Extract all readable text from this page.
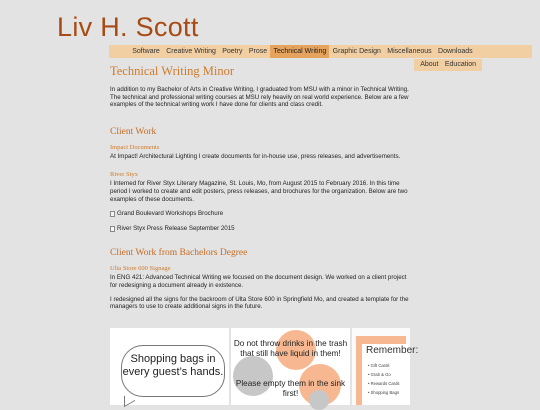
Liv H. Scott
Software Creative Writing Poetry Prose Technical Writing Graphic Design Miscellaneous Downloads
About Education
Technical Writing Minor

In addition to my Bachelor of Arts in Creative Writing, I graduated from MSU with a minor in Technical Writing. The technical and professional writing courses at MSU rely heavily on real world experience. Below are a few examples of the technical writing work I have done for clients and class credit.

Client Work
Impact Documents

At Impact! Architectural Lighting I create documents for in-house use, press releases, and advertisements.

River Styx

I Interned for River Styx Literary Magazine, St. Louis, Mo, from August 2015 to February 2016. In this time period I worked to create and edit posters, press releases, and brochures for the organization. Below are two examples of these documents.

Grand Boulevard Workshops Brochure
River Styx Press Release September 2015
Client Work from Bachelors Degree
Ulta Store 600 Signage

In ENG 421: Advanced Technical Writing we focused on the document design. We worked on a client project for redesigning a document already in existence.

I redesigned all the signs for the backroom of Ulta Store 600 in Springfield Mo, and created a template for the managers to use to create additional signs in the future.

Shopping bags in every guest’s hands.
Do not throw drinks in the trash that still have liquid in them!
Please empty them in the sink first!
Remember:
• Gift Cards
• Grab & Go
• Rewards Cards
• Shopping Bags
